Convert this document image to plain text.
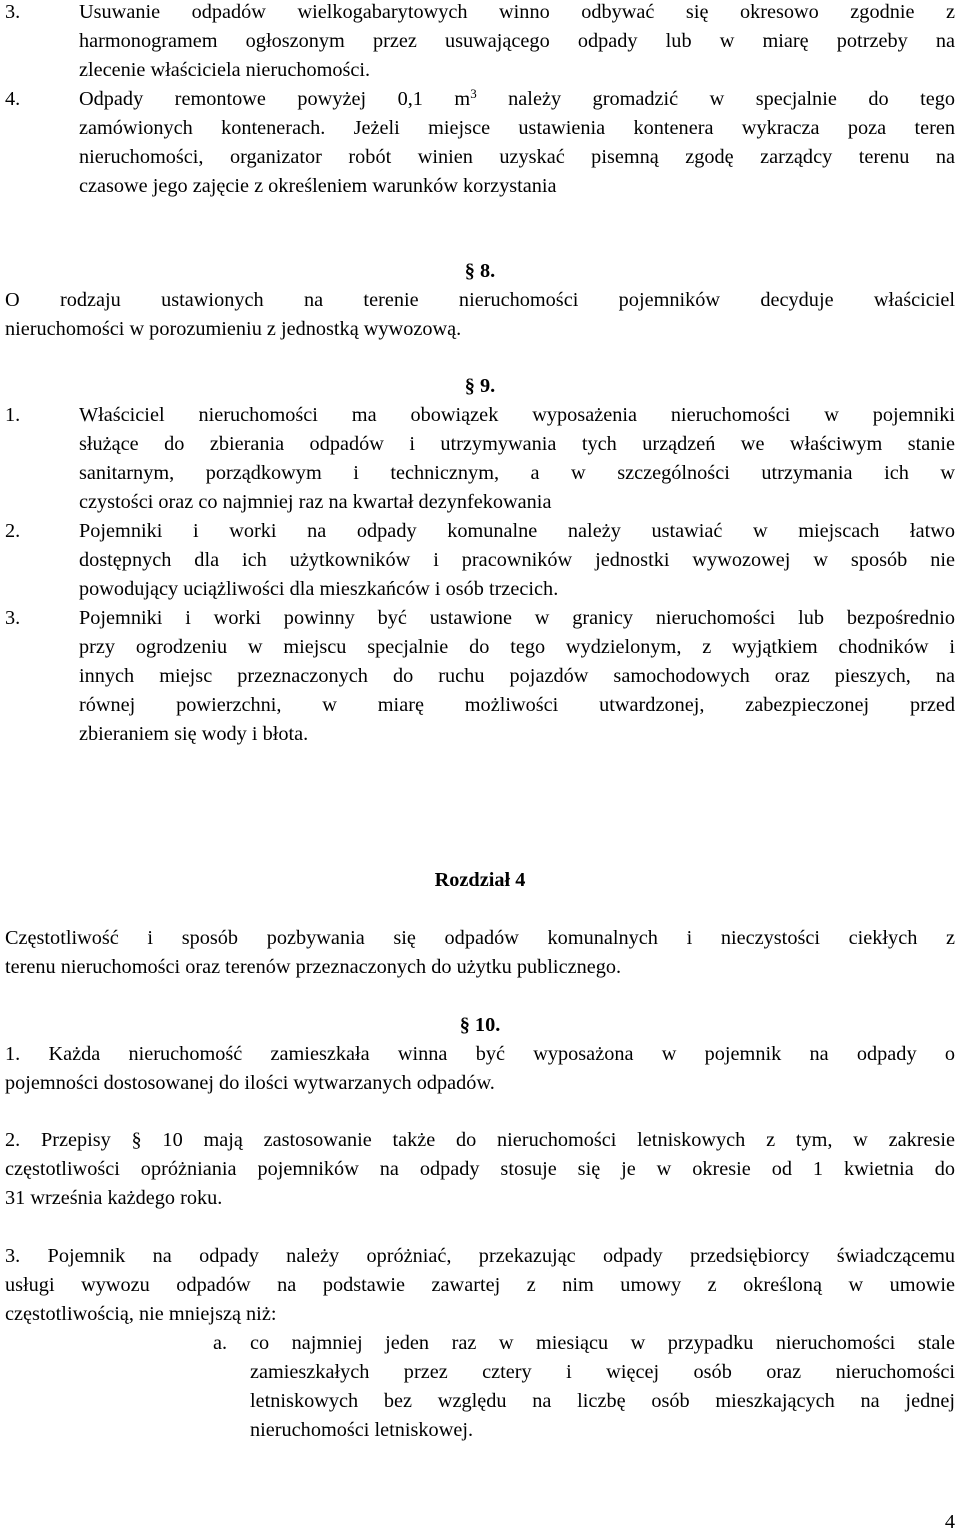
3.	Usuwanie odpadów wielkogabarytowych winno odbywać się okresowo zgodnie z
harmonogramem ogłoszonym przez usuwającego odpady lub w miarę potrzeby na
zlecenie właściciela nieruchomości.
4.	Odpady remontowe powyżej 0,1 $m^3$ należy gromadzić w specjalnie do tego
zamówionych kontenerach. Jeżeli miejsce ustawienia kontenera wykracza poza teren
nieruchomości, organizator robót winien uzyskać pisemną zgodę zarządcy terenu na
czasowe jego zajęcie z określeniem warunków korzystania
§ 8.
O rodzaju ustawionych na terenie nieruchomości pojemników decyduje właściciel
nieruchomości w porozumieniu z jednostką wywozową.
§ 9.
1.	Właściciel nieruchomości ma obowiązek wyposażenia nieruchomości w pojemniki
służące do zbierania odpadów i utrzymywania tych urządzeń we właściwym stanie
sanitarnym, porządkowym i technicznym, a w szczególności utrzymania ich w
czystości oraz co najmniej raz na kwartał dezynfekowania
2.	Pojemniki i worki na odpady komunalne należy ustawiać w miejscach łatwo
dostępnych dla ich użytkowników i pracowników jednostki wywozowej w sposób nie
powodujący uciążliwości dla mieszkańców i osób trzecich.
3.	Pojemniki i worki powinny być ustawione w granicy nieruchomości lub bezpośrednio
przy ogrodzeniu w miejscu specjalnie do tego wydzielonym, z wyjątkiem chodników i
innych miejsc przeznaczonych do ruchu pojazdów samochodowych oraz pieszych, na
równej powierzchni, w miarę możliwości utwardzonej, zabezpieczonej przed
zbieraniem się wody i błota.
Rozdział 4
Częstotliwość i sposób pozbywania się odpadów komunalnych i nieczystości ciekłych z
terenu nieruchomości oraz terenów przeznaczonych do użytku publicznego.
§ 10.
1. Każda nieruchomość zamieszkała winna być wyposażona w pojemnik na odpady o
pojemności dostosowanej do ilości wytwarzanych odpadów.
2. Przepisy § 10 mają zastosowanie także do nieruchomości letniskowych z tym, w zakresie
częstotliwości opróżniania pojemników na odpady stosuje się je w okresie od 1 kwietnia do
31 września każdego roku.
3. Pojemnik na odpady należy opróżniać, przekazując odpady przedsiębiorcy świadczącemu
usługi wywozu odpadów na podstawie zawartej z nim umowy z określoną w umowie
częstotliwością, nie mniejszą niż:
a. co najmniej jeden raz w miesiącu w przypadku nieruchomości stale
zamieszkałych przez cztery i więcej osób oraz nieruchomości
letniskowych bez względu na liczbę osób mieszkających na jednej
nieruchomości letniskowej.
4
